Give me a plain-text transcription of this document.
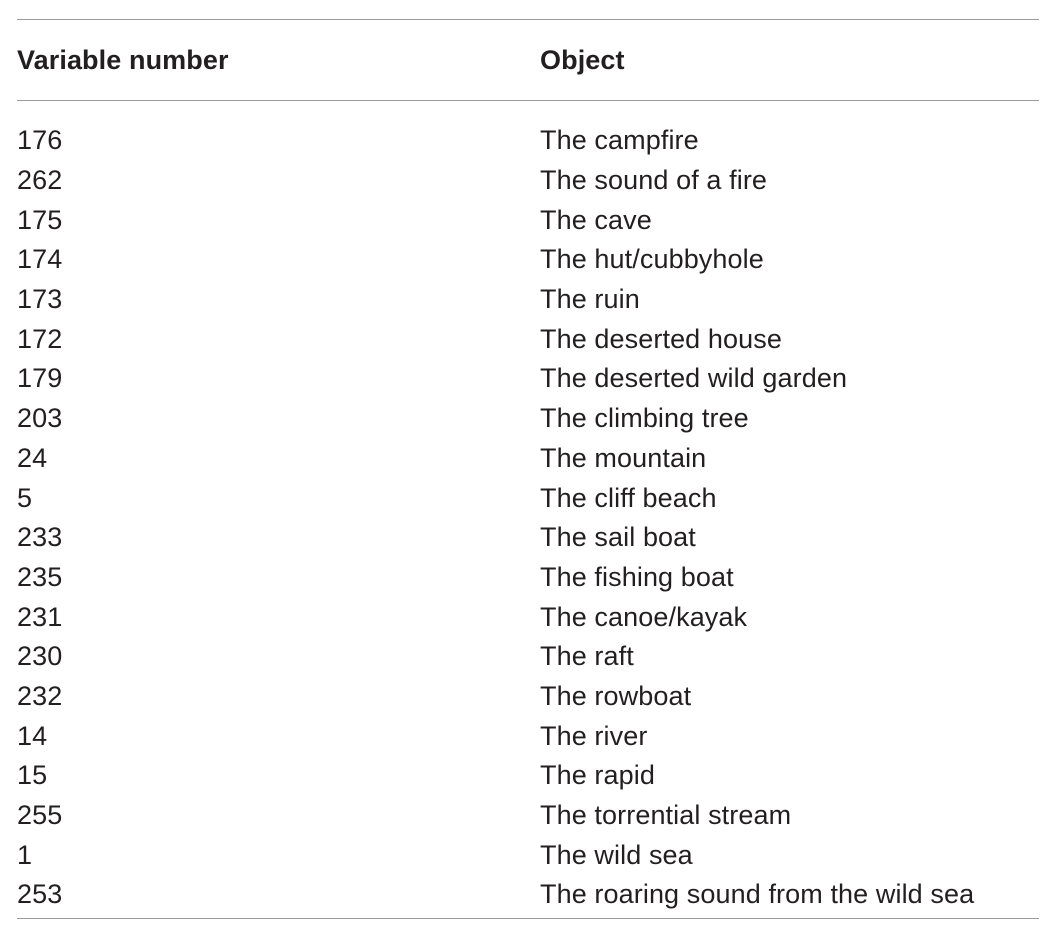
Variable number	Object
176	The campfire
262	The sound of a fire
175	The cave
174	The hut/cubbyhole
173	The ruin
172	The deserted house
179	The deserted wild garden
203	The climbing tree
24	The mountain
5	The cliff beach
233	The sail boat
235	The fishing boat
231	The canoe/kayak
230	The raft
232	The rowboat
14	The river
15	The rapid
255	The torrential stream
1	The wild sea
253	The roaring sound from the wild sea
